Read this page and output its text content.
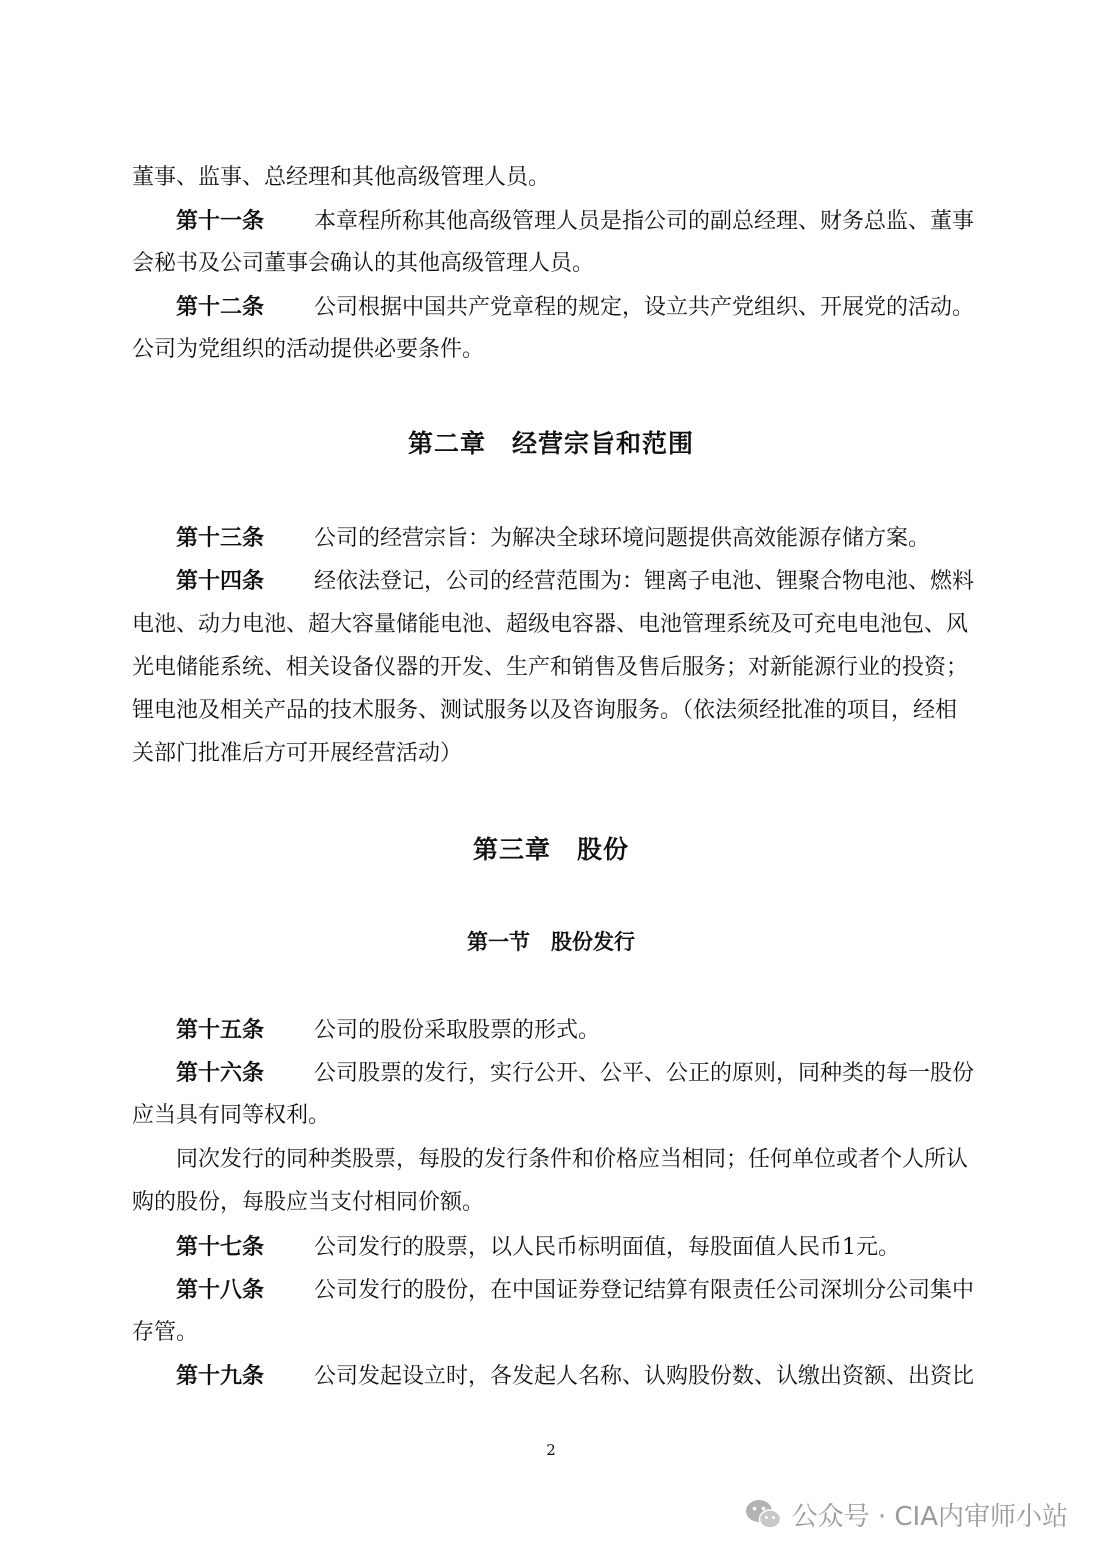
董事、监事、总经理和其他高级管理人员。
第十一条 本章程所称其他高级管理人员是指公司的副总经理、财务总监、董事
会秘书及公司董事会确认的其他高级管理人员。
第十二条 公司根据中国共产党章程的规定，设立共产党组织、开展党的活动。
公司为党组织的活动提供必要条件。
第二章　经营宗旨和范围
第十三条 公司的经营宗旨：为解决全球环境问题提供高效能源存储方案。
第十四条 经依法登记，公司的经营范围为：锂离子电池、锂聚合物电池、燃料
电池、动力电池、超大容量储能电池、超级电容器、电池管理系统及可充电电池包、风
光电储能系统、相关设备仪器的开发、生产和销售及售后服务；对新能源行业的投资；
锂电池及相关产品的技术服务、测试服务以及咨询服务。（依法须经批准的项目，经相
关部门批准后方可开展经营活动）
第三章　股份
第一节　股份发行
第十五条 公司的股份采取股票的形式。
第十六条 公司股票的发行，实行公开、公平、公正的原则，同种类的每一股份
应当具有同等权利。
同次发行的同种类股票，每股的发行条件和价格应当相同；任何单位或者个人所认
购的股份，每股应当支付相同价额。
第十七条 公司发行的股票，以人民币标明面值，每股面值人民币1元。
第十八条 公司发行的股份，在中国证券登记结算有限责任公司深圳分公司集中
存管。
第十九条 公司发起设立时，各发起人名称、认购股份数、认缴出资额、出资比
2
公众号 · CIA内审师小站
